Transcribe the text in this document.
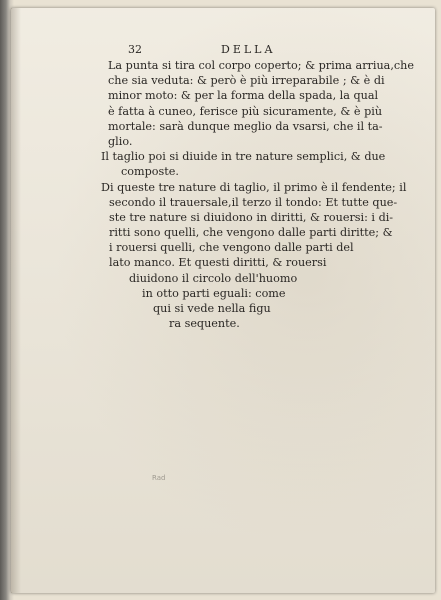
32	DELLA
La punta si tira col corpo coperto; & prima arriua,che
che sia veduta: & però è più irreparabile ; & è di
minor moto: & per la forma della spada, la qual
è fatta à cuneo, ferisce più sicuramente, & è più
mortale: sarà dunque meglio da vsarsi, che il ta-
glio.
Il taglio poi si diuide in tre nature semplici, & due
composte.
Di queste tre nature di taglio, il primo è il fendente; il
secondo il trauersale,il terzo il tondo: Et tutte que-
ste tre nature si diuidono in diritti, & rouersi: i di-
ritti sono quelli, che vengono dalle parti diritte; &
i rouersi quelli, che vengono dalle parti del
lato manco. Et questi diritti, & rouersi
diuidono il circolo dell'huomo
in otto parti eguali: come
qui si vede nella figu
ra sequente.
Rad
